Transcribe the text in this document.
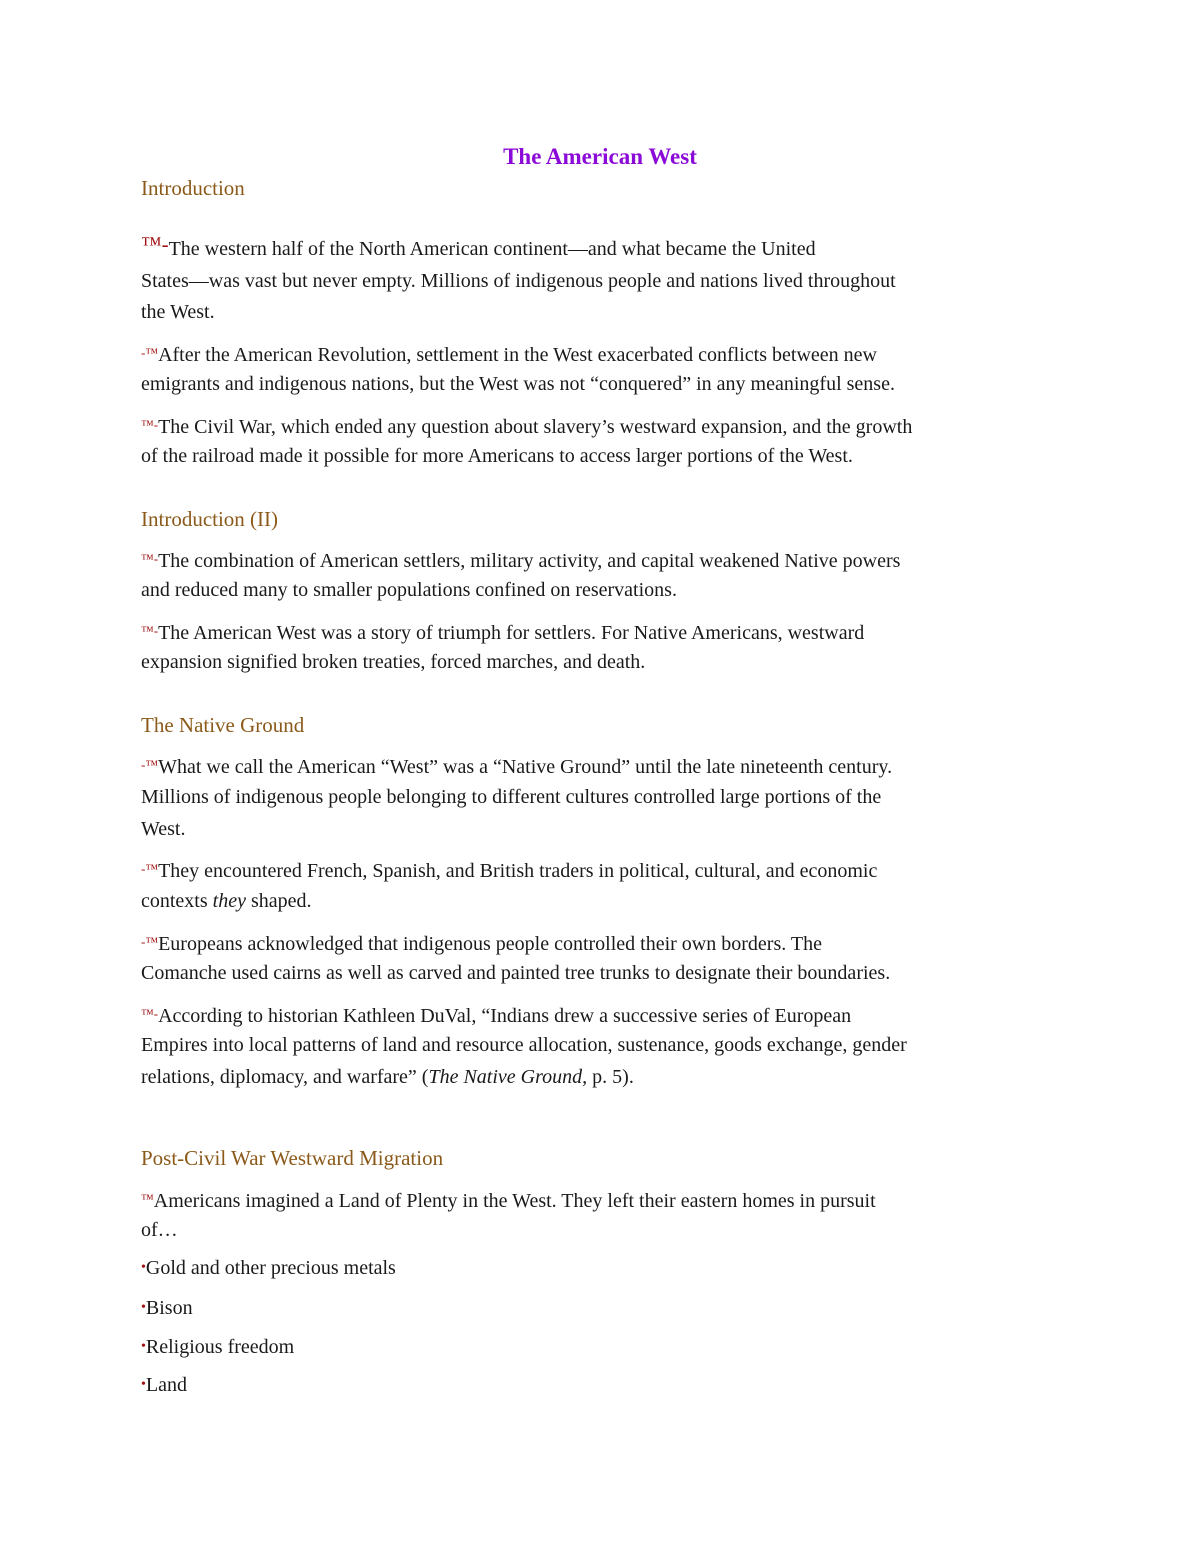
The American West
Introduction
™-The western half of the North American continent—and what became the United
States—was vast but never empty. Millions of indigenous people and nations lived throughout
the West.
-™After the American Revolution, settlement in the West exacerbated conflicts between new
emigrants and indigenous nations, but the West was not “conquered” in any meaningful sense.
™-The Civil War, which ended any question about slavery’s westward expansion, and the growth
of the railroad made it possible for more Americans to access larger portions of the West.
Introduction (II)
™-The combination of American settlers, military activity, and capital weakened Native powers
and reduced many to smaller populations confined on reservations.
™-The American West was a story of triumph for settlers. For Native Americans, westward
expansion signified broken treaties, forced marches, and death.
The Native Ground
-™What we call the American “West” was a “Native Ground” until the late nineteenth century.
Millions of indigenous people belonging to different cultures controlled large portions of the
West.
-™They encountered French, Spanish, and British traders in political, cultural, and economic
contexts they shaped.
-™Europeans acknowledged that indigenous people controlled their own borders. The
Comanche used cairns as well as carved and painted tree trunks to designate their boundaries.
™-According to historian Kathleen DuVal, “Indians drew a successive series of European
Empires into local patterns of land and resource allocation, sustenance, goods exchange, gender
relations, diplomacy, and warfare” (The Native Ground, p. 5).
Post-Civil War Westward Migration
™Americans imagined a Land of Plenty in the West. They left their eastern homes in pursuit
of…
•Gold and other precious metals
•Bison
•Religious freedom
•Land
